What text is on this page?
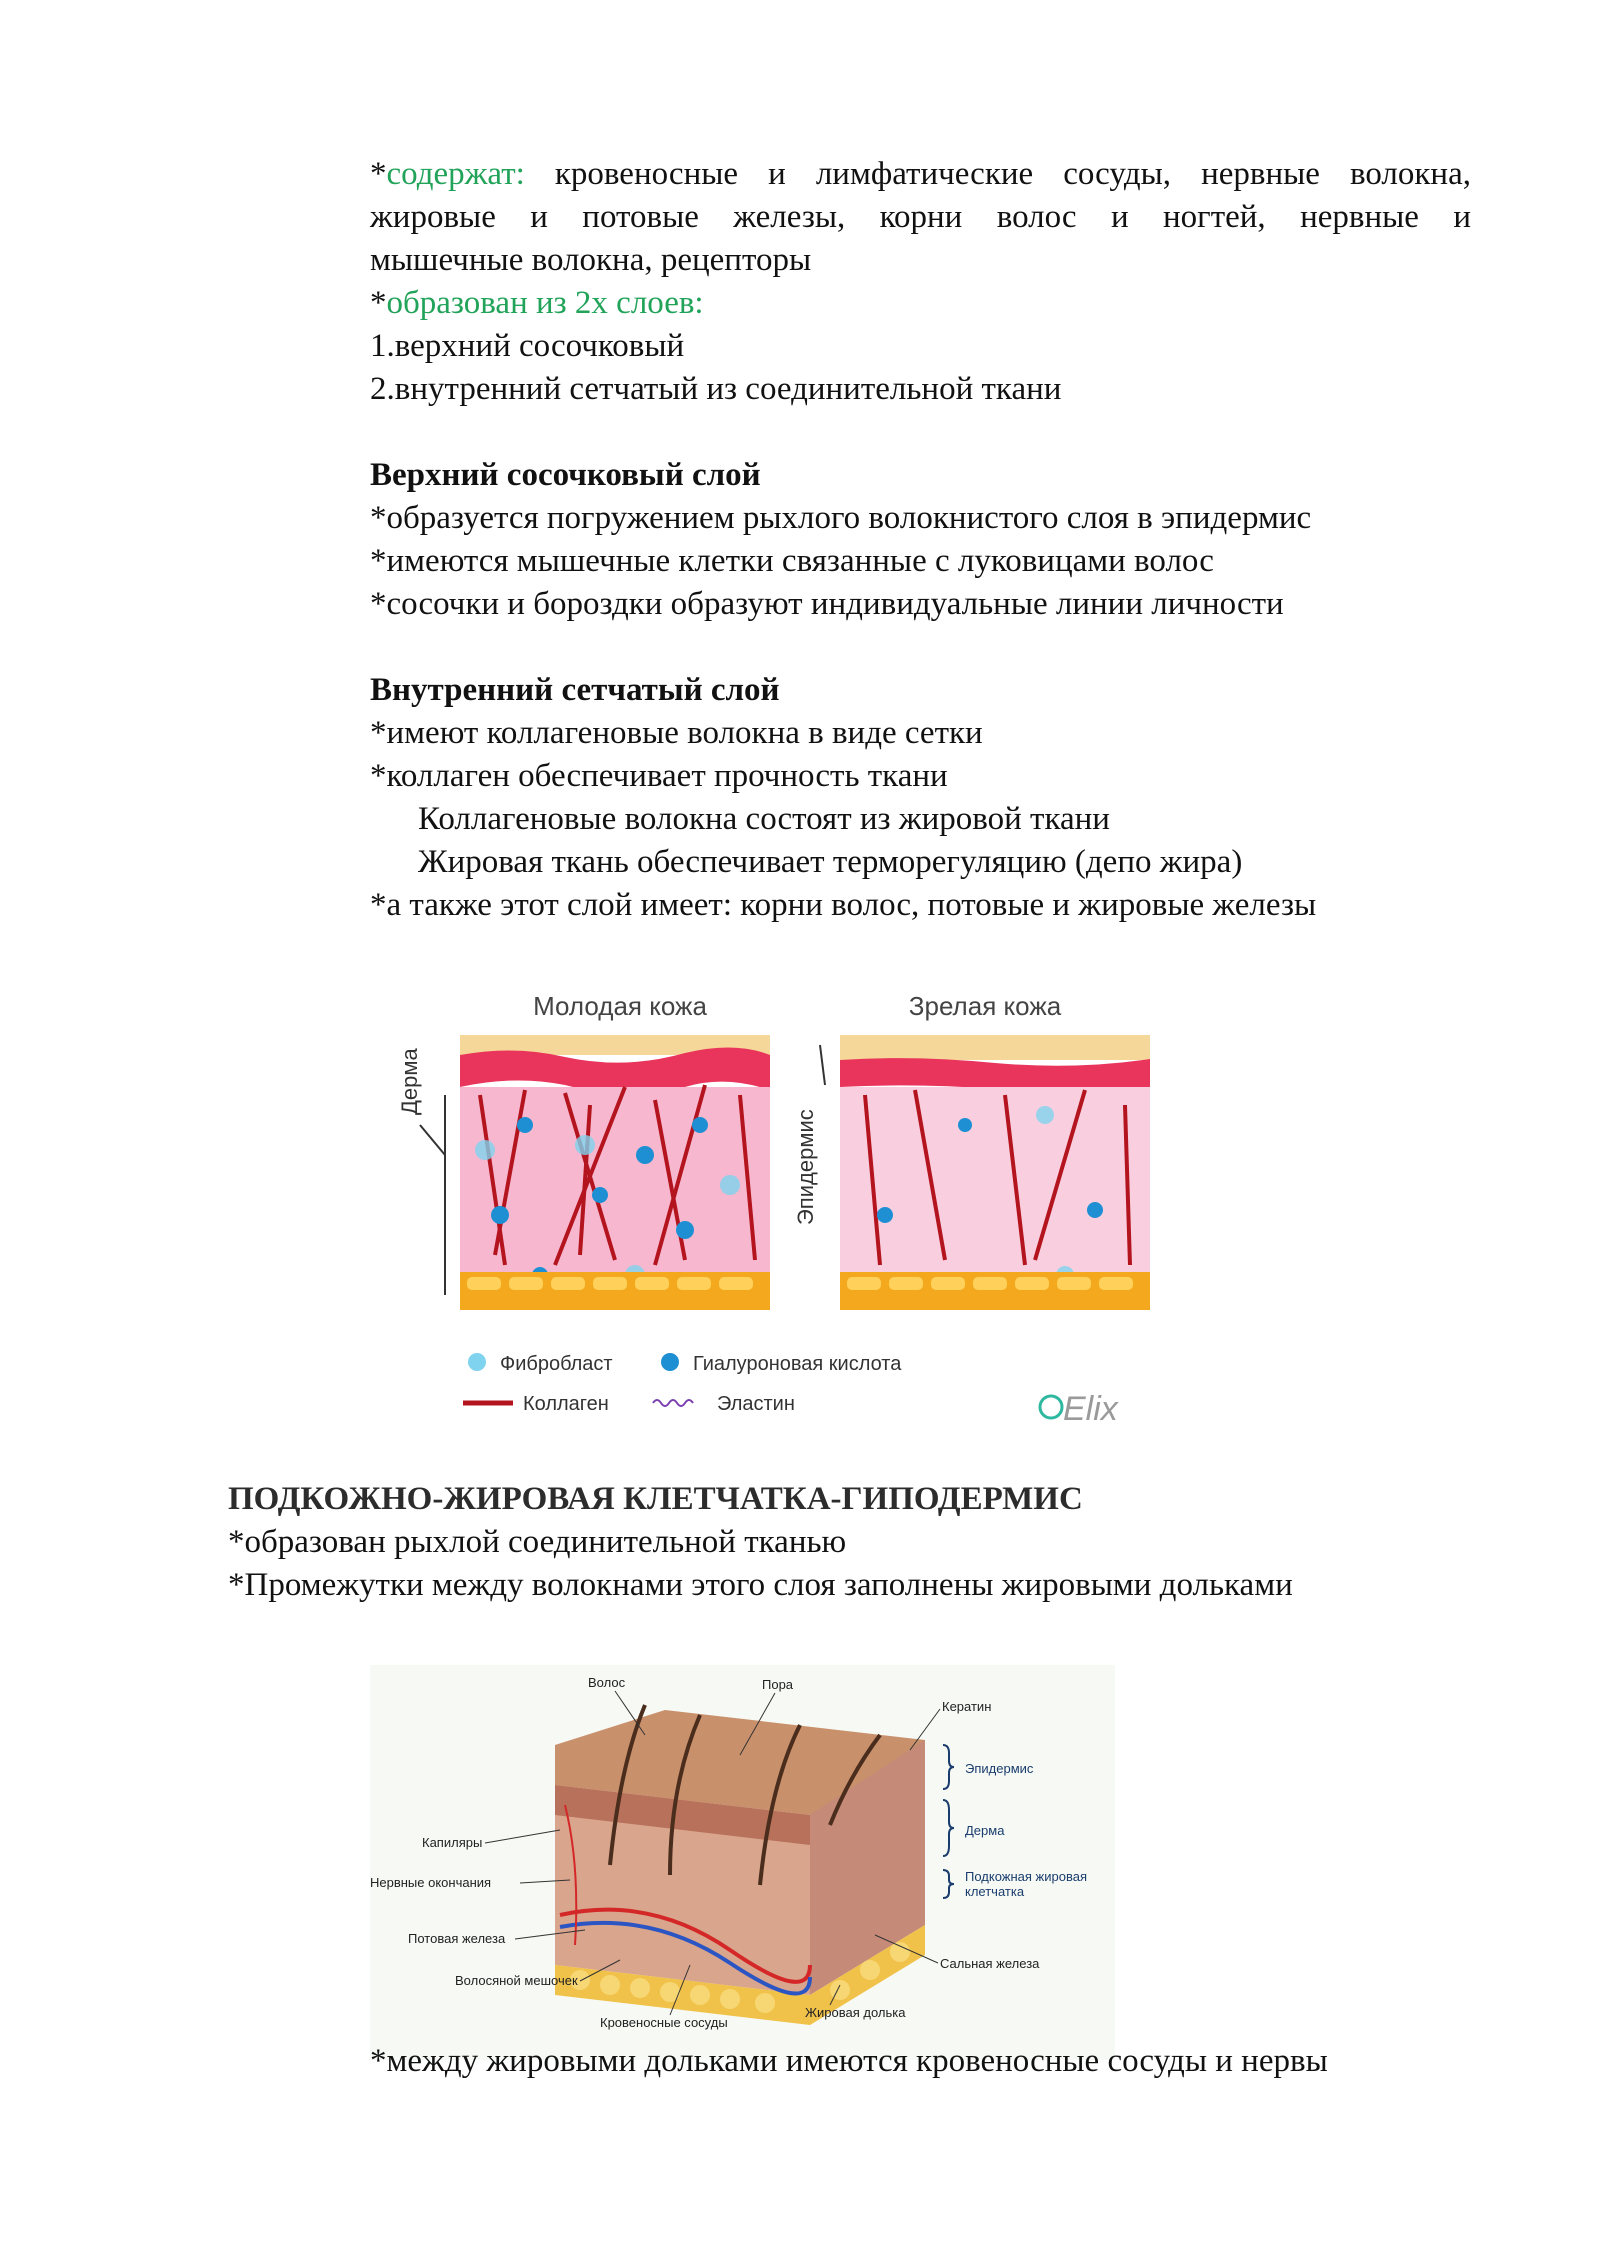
*содержат: кровеносные и лимфатические сосуды, нервные волокна,
жировые и потовые железы, корни волос и ногтей, нервные и
мышечные волокна, рецепторы
*образован из 2х слоев:
1.верхний сосочковый
2.внутренний сетчатый из соединительной ткани
Верхний сосочковый слой
*образуется погружением рыхлого волокнистого слоя в эпидермис
*имеются мышечные клетки связанные с луковицами волос
*сосочки и бороздки образуют индивидуальные линии личности
Внутренний сетчатый слой
*имеют коллагеновые волокна в виде сетки
*коллаген обеспечивает прочность ткани
Коллагеновые волокна состоят из жировой ткани
Жировая ткань обеспечивает терморегуляцию (депо жира)
*а также этот слой имеет: корни волос, потовые и жировые железы
Молодая кожа	Зрелая кожа
Дерма
Эпидермис
Фибробласт	Гиалуроновая кислота
Коллаген	Эластин	Elix
ПОДКОЖНО-ЖИРОВАЯ КЛЕТЧАТКА-ГИПОДЕРМИС
*образован рыхлой соединительной тканью
*Промежутки между волокнами этого слоя заполнены жировыми дольками
Волос	Пора
Кератин
Капиляры
Нервные окончания
Потовая железа
Волосяной мешочек
Кровеносные сосуды
Жировая долька
Сальная железа
Эпидермис
Дерма
Подкожная жировая
клетчатка
*между жировыми дольками имеются кровеносные сосуды и нервы
